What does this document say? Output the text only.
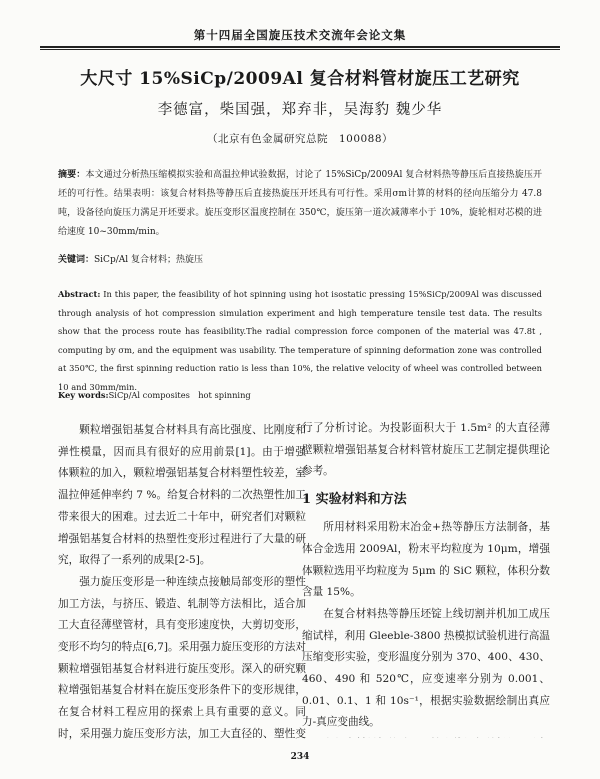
第十四届全国旋压技术交流年会论文集
大尺寸 15%SiCp/2009Al 复合材料管材旋压工艺研究
李德富，柴国强，郑弃非，吴海豹 魏少华
（北京有色金属研究总院　100088）
摘要：本文通过分析热压缩模拟实验和高温拉伸试验数据，讨论了 15%SiCp/2009Al 复合材料热等静压后直接热旋压开坯的可行性。结果表明：该复合材料热等静压后直接热旋压开坯具有可行性。采用σm计算的材料的径向压缩分力 47.8 吨，设备径向旋压力满足开坯要求。旋压变形区温度控制在 350℃，旋压第一道次减薄率小于 10%，旋轮相对芯模的进给速度 10~30mm/min。
关键词：SiCp/Al 复合材料；热旋压
Abstract: In this paper, the feasibility of hot spinning using hot isostatic pressing 15%SiCp/2009Al was discussed through analysis of hot compression simulation experiment and high temperature tensile test data. The results show that the process route has feasibility.The radial compression force componen of the material was 47.8t , computing by σm, and the equipment was usability. The temperature of spinning deformation zone was controlled at 350℃, the first spinning reduction ratio is less than 10%, the relative velocity of wheel was controlled between 10 and 30mm/min.
Key words:SiCp/Al composites　hot spinning

颗粒增强铝基复合材料具有高比强度、比刚度和弹性模量，因而具有很好的应用前景[1]。由于增强体颗粒的加入，颗粒增强铝基复合材料塑性较差，室温拉伸延伸率约 7 %。给复合材料的二次热塑性加工带来很大的困难。过去近二十年中，研究者们对颗粒增强铝基复合材料的热塑性变形过程进行了大量的研究，取得了一系列的成果[2-5]。

强力旋压变形是一种连续点接触局部变形的塑性加工方法，与挤压、锻造、轧制等方法相比，适合加工大直径薄壁管材，具有变形速度快，大剪切变形，变形不均匀的特点[6,7]。采用强力旋压变形的方法对颗粒增强铝基复合材料进行旋压变形。深入的研究颗粒增强铝基复合材料在旋压变形条件下的变形规律，在复合材料工程应用的探索上具有重要的意义。同时，采用强力旋压变形方法，加工大直径的、塑性变

行了分析讨论。为投影面积大于 1.5m² 的大直径薄壁颗粒增强铝基复合材料管材旋压工艺制定提供理论参考。

1 实验材料和方法

所用材料采用粉末冶金+热等静压方法制备，基体合金选用 2009Al，粉末平均粒度为 10μm，增强体颗粒选用平均粒度为 5μm 的 SiC 颗粒，体积分数含量 15%。

在复合材料热等静压坯锭上线切割并机加工成压缩试样，利用 Gleeble-3800 热模拟试验机进行高温压缩变形实验，变形温度分别为 370、400、430、460、490 和 520℃，应变速率分别为 0.001、0.01、0.1、1 和 10s⁻¹，根据实验数据绘制出真应力-真应变曲线。

234
